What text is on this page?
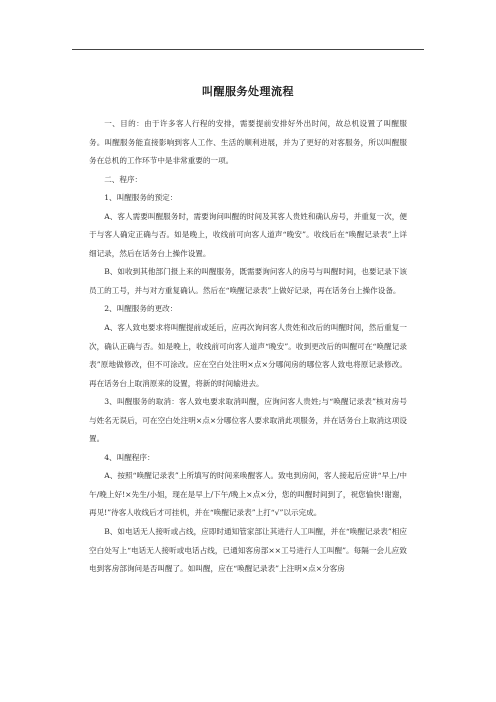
叫醒服务处理流程

一、目的：由于许多客人行程的安排，需要提前安排好外出时间，故总机设置了叫醒服务。叫醒服务能直接影响到客人工作、生活的顺利进展，并为了更好的对客服务，所以叫醒服务在总机的工作环节中是非常重要的一项。

二、程序：

1、叫醒服务的预定：

A、客人需要叫醒服务时，需要询问叫醒的时间及其客人贵姓和确认房号，并重复一次，便于与客人确定正确与否。如是晚上，收线前可向客人道声“晚安”。收线后在“唤醒记录表”上详细记录，然后在话务台上操作设置。

B、如收到其他部门报上来的叫醒服务，既需要询问客人的房号与叫醒时间，也要记录下该员工的工号，并与对方重复确认。然后在“唤醒记录表”上做好记录，再在话务台上操作设备。

2、叫醒服务的更改：

A、客人致电要求将叫醒提前或延后，应再次询问客人贵姓和改后的叫醒时间，然后重复一次，确认正确与否。如是晚上，收线前可向客人道声“晚安”。收到更改后的叫醒可在“唤醒记录表”原地做修改，但不可涂改。应在空白处注明×点×分哪间房的哪位客人致电将原记录修改。再在话务台上取消原来的设置，将新的时间输进去。

3、叫醒服务的取消：客人致电要求取消叫醒，应询问客人贵姓;与“唤醒记录表”核对房号与姓名无误后，可在空白处注明×点×分哪位客人要求取消此项服务，并在话务台上取消这项设置。

4、叫醒程序：

A、按照“唤醒记录表”上所填写的时间来唤醒客人。致电到房间，客人接起后应讲“早上/中午/晚上好!×先生/小姐，现在是早上/下午/晚上×点×分，您的叫醒时间到了，祝您愉快!谢谢，再见!”待客人收线后才可挂机，并在“唤醒记录表”上打“√”以示完成。

B、如电话无人接听或占线，应即时通知管家部让其进行人工叫醒，并在“唤醒记录表”相应空白处写上“电话无人接听或电话占线，已通知客房部××工号进行人工叫醒”。每隔一会儿应致电到客房部询问是否叫醒了。如叫醒，应在“唤醒记录表”上注明×点×分客房
